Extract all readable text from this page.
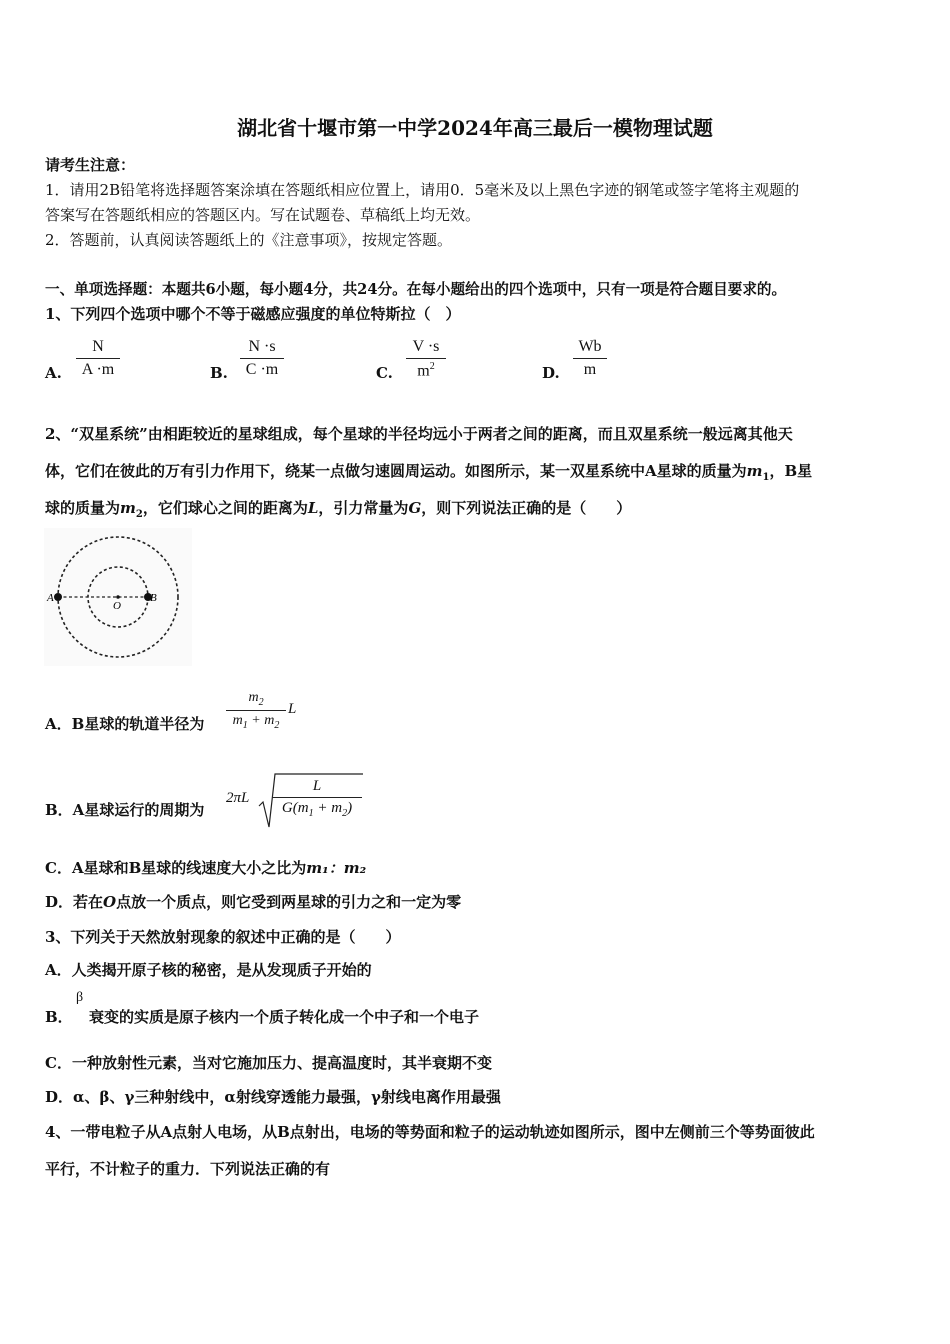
湖北省十堰市第一中学2024年高三最后一模物理试题
请考生注意：
1．请用2B铅笔将选择题答案涂填在答题纸相应位置上，请用0．5毫米及以上黑色字迹的钢笔或签字笔将主观题的
答案写在答题纸相应的答题区内。写在试题卷、草稿纸上均无效。
2．答题前，认真阅读答题纸上的《注意事项》，按规定答题。
一、单项选择题：本题共6小题，每小题4分，共24分。在每小题给出的四个选项中，只有一项是符合题目要求的。
1、下列四个选项中哪个不等于磁感应强度的单位特斯拉（　）
A.
N
A ·m	B.
N ·s
C ·m	C.
V ·s
$m^2$	D.
Wb
m
2、“双星系统”由相距较近的星球组成，每个星球的半径均远小于两者之间的距离，而且双星系统一般远离其他天
体，它们在彼此的万有引力作用下，绕某一点做匀速圆周运动。如图所示，某一双星系统中A星球的质量为$m_1$，B星
球的质量为$m_2$，它们球心之间的距离为L，引力常量为G，则下列说法正确的是（　　）
A
O
B
A．B星球的轨道半径为
$m_2$
$m_1 + m_2$
L
B．A星球运行的周期为
2πL
L
$G(m_1 + m_2)$
C．A星球和B星球的线速度大小之比为m₁：m₂
D．若在O点放一个质点，则它受到两星球的引力之和一定为零
3、下列关于天然放射现象的叙述中正确的是（　　）
A．人类揭开原子核的秘密，是从发现质子开始的
B．
β
衰变的实质是原子核内一个质子转化成一个中子和一个电子
C．一种放射性元素，当对它施加压力、提高温度时，其半衰期不变
D．α、β、γ三种射线中，α射线穿透能力最强，γ射线电离作用最强
4、一带电粒子从A点射人电场，从B点射出，电场的等势面和粒子的运动轨迹如图所示，图中左侧前三个等势面彼此
平行，不计粒子的重力．下列说法正确的有
